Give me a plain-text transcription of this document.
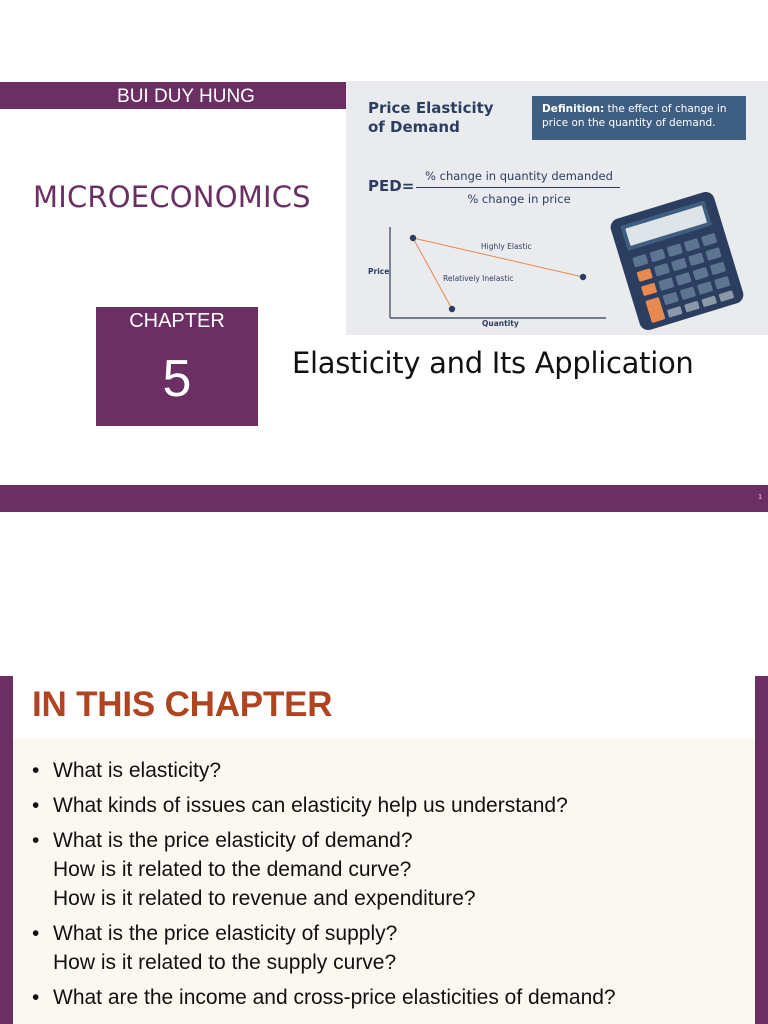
BUI DUY HUNG
MICROECONOMICS
CHAPTER
5	Elasticity and Its Application
Price Elasticity
of Demand
Definition: the effect of change in price on the quantity of demand.
PED=
% change in quantity demanded
% change in price
Price
Quantity
Highly Elastic
Relatively Inelastic
1
IN THIS CHAPTER
• What is elasticity?
• What kinds of issues can elasticity help us understand?
• What is the price elasticity of demand?
How is it related to the demand curve?
How is it related to revenue and expenditure?
• What is the price elasticity of supply?
How is it related to the supply curve?
• What are the income and cross-price elasticities of demand?
